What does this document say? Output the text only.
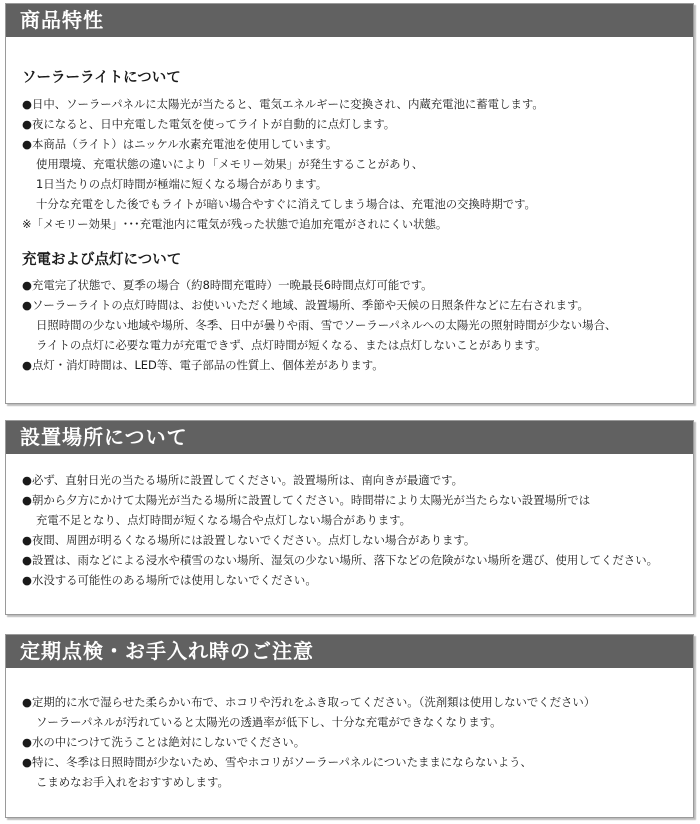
商品特性

ソーラーライトについて

●日中、ソーラーパネルに太陽光が当たると、電気エネルギーに変換され、内蔵充電池に蓄電します。

●夜になると、日中充電した電気を使ってライトが自動的に点灯します。

●本商品（ライト）はニッケル水素充電池を使用しています。

使用環境、充電状態の違いにより「メモリー効果」が発生することがあり、

1日当たりの点灯時間が極端に短くなる場合があります。

十分な充電をした後でもライトが暗い場合やすぐに消えてしまう場合は、充電池の交換時期です。

※「メモリー効果」･･･充電池内に電気が残った状態で追加充電がされにくい状態。

充電および点灯について

●充電完了状態で、夏季の場合（約8時間充電時）一晩最長6時間点灯可能です。

●ソーラーライトの点灯時間は、お使いいただく地域、設置場所、季節や天候の日照条件などに左右されます。

日照時間の少ない地域や場所、冬季、日中が曇りや雨、雪でソーラーパネルへの太陽光の照射時間が少ない場合、

ライトの点灯に必要な電力が充電できず、点灯時間が短くなる、または点灯しないことがあります。

●点灯・消灯時間は、LED等、電子部品の性質上、個体差があります。

設置場所について

●必ず、直射日光の当たる場所に設置してください。設置場所は、南向きが最適です。

●朝から夕方にかけて太陽光が当たる場所に設置してください。時間帯により太陽光が当たらない設置場所では

充電不足となり、点灯時間が短くなる場合や点灯しない場合があります。

●夜間、周囲が明るくなる場所には設置しないでください。点灯しない場合があります。

●設置は、雨などによる浸水や積雪のない場所、湿気の少ない場所、落下などの危険がない場所を選び、使用してください。

●水没する可能性のある場所では使用しないでください。

定期点検・お手入れ時のご注意

●定期的に水で湿らせた柔らかい布で、ホコリや汚れをふき取ってください。（洗剤類は使用しないでください）

ソーラーパネルが汚れていると太陽光の透過率が低下し、十分な充電ができなくなります。

●水の中につけて洗うことは絶対にしないでください。

●特に、冬季は日照時間が少ないため、雪やホコリがソーラーパネルについたままにならないよう、

こまめなお手入れをおすすめします。
